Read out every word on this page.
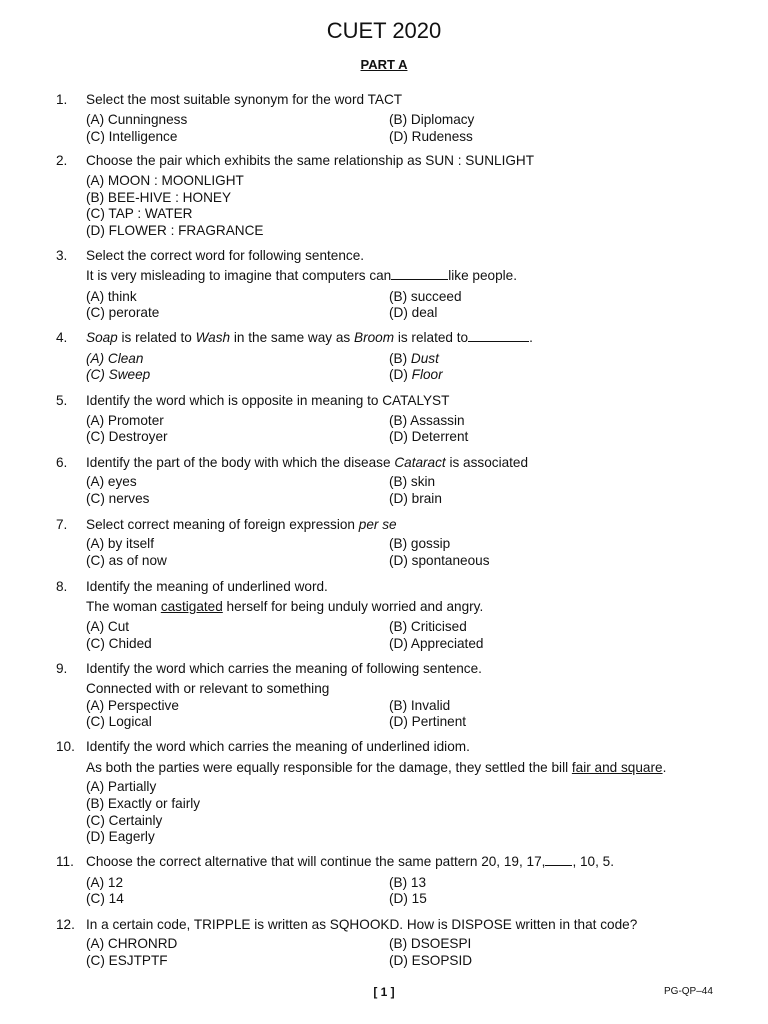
CUET 2020
PART A
1. Select the most suitable synonym for the word TACT
(A) Cunningness	(B) Diplomacy
(C) Intelligence	(D) Rudeness
2. Choose the pair which exhibits the same relationship as SUN : SUNLIGHT
(A) MOON : MOONLIGHT
(B) BEE-HIVE : HONEY
(C) TAP : WATER
(D) FLOWER : FRAGRANCE
3. Select the correct word for following sentence.
It is very misleading to imagine that computers can	like people.
(A) think	(B) succeed
(C) perorate	(D) deal
4. Soap is related to Wash in the same way as Broom is related to	.
(A) Clean	(B) Dust
(C) Sweep	(D) Floor
5. Identify the word which is opposite in meaning to CATALYST
(A) Promoter	(B) Assassin
(C) Destroyer	(D) Deterrent
6. Identify the part of the body with which the disease Cataract is associated
(A) eyes	(B) skin
(C) nerves	(D) brain
7. Select correct meaning of foreign expression per se
(A) by itself	(B) gossip
(C) as of now	(D) spontaneous
8. Identify the meaning of underlined word.
The woman castigated herself for being unduly worried and angry.
(A) Cut	(B) Criticised
(C) Chided	(D) Appreciated
9. Identify the word which carries the meaning of following sentence.
Connected with or relevant to something
(A) Perspective	(B) Invalid
(C) Logical	(D) Pertinent
10. Identify the word which carries the meaning of underlined idiom.
As both the parties were equally responsible for the damage, they settled the bill fair and square.
(A) Partially
(B) Exactly or fairly
(C) Certainly
(D) Eagerly
11. Choose the correct alternative that will continue the same pattern 20, 19, 17, , 10, 5.
(A) 12	(B) 13
(C) 14	(D) 15
12. In a certain code, TRIPPLE is written as SQHOOKD. How is DISPOSE written in that code?
(A) CHRONRD	(B) DSOESPI
(C) ESJTPTF	(D) ESOPSID
[ 1 ]	PG-QP–44
